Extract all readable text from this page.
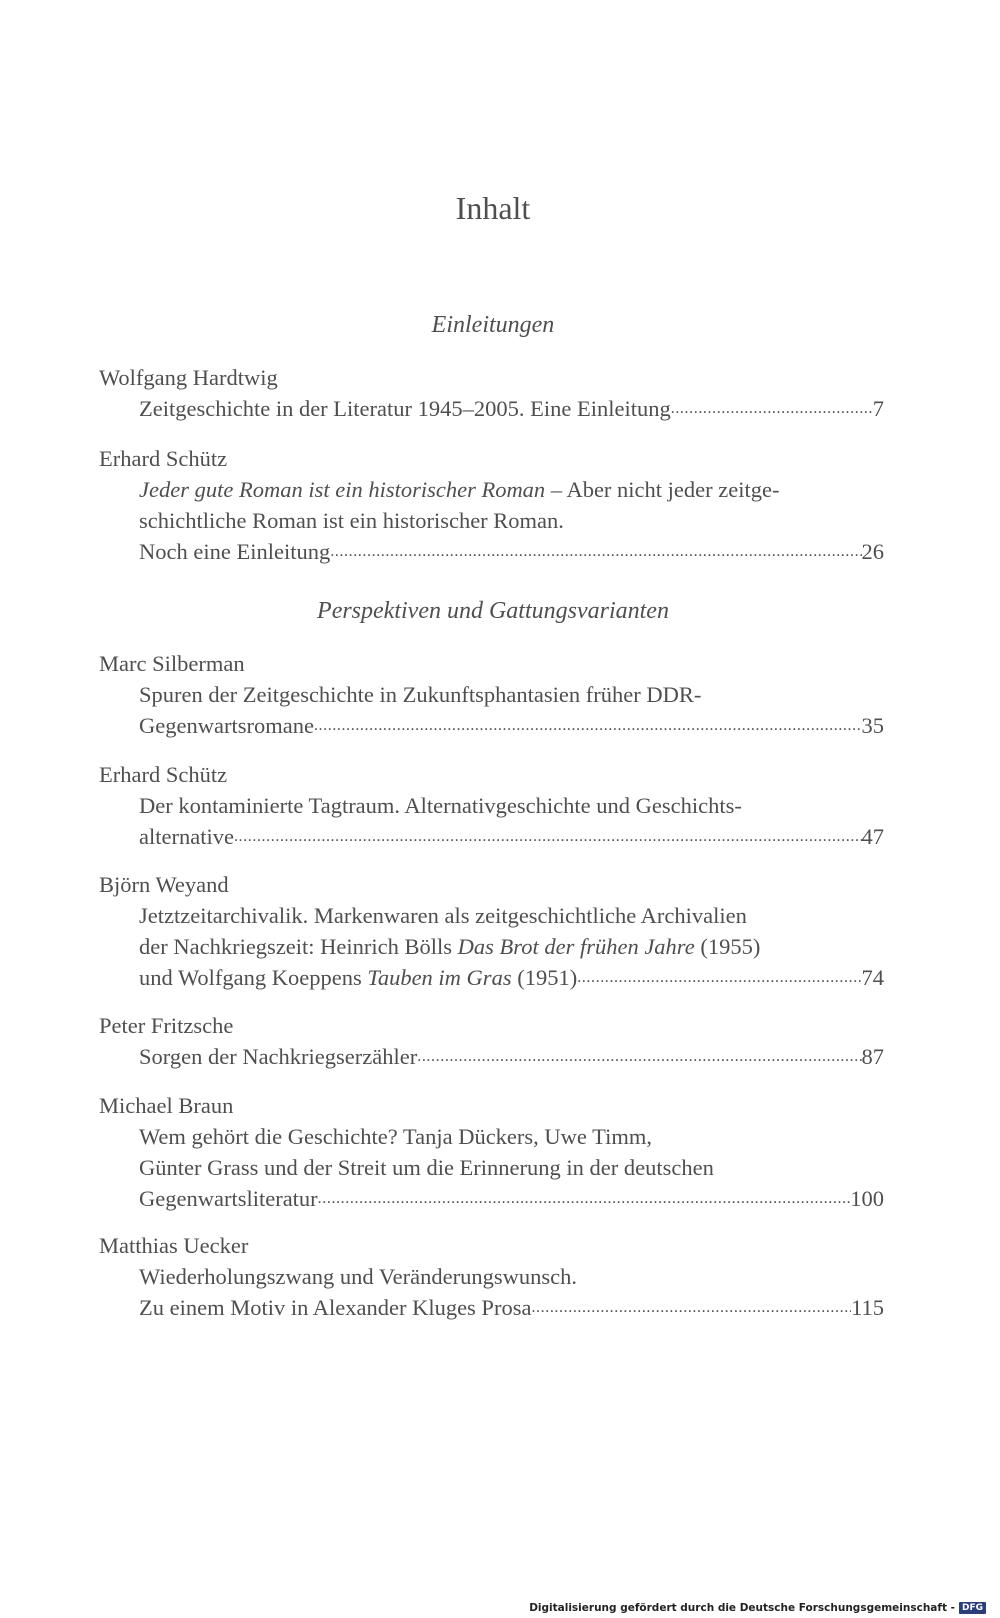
Inhalt
Einleitungen
Wolfgang Hardtwig
Zeitgeschichte in der Literatur 1945–2005. Eine Einleitung .....	7
Erhard Schütz
Jeder gute Roman ist ein historischer Roman – Aber nicht jeder zeitge-
schichtliche Roman ist ein historischer Roman.
Noch eine Einleitung .....	26
Perspektiven und Gattungsvarianten
Marc Silberman
Spuren der Zeitgeschichte in Zukunftsphantasien früher DDR-
Gegenwartsromane .....	35
Erhard Schütz
Der kontaminierte Tagtraum. Alternativgeschichte und Geschichts-
alternative .....	47
Björn Weyand
Jetztzeitarchivalik. Markenwaren als zeitgeschichtliche Archivalien
der Nachkriegszeit: Heinrich Bölls Das Brot der frühen Jahre (1955)
und Wolfgang Koeppens Tauben im Gras (1951) .....	74
Peter Fritzsche
Sorgen der Nachkriegserzähler .....	87
Michael Braun
Wem gehört die Geschichte? Tanja Dückers, Uwe Timm,
Günter Grass und der Streit um die Erinnerung in der deutschen
Gegenwartsliteratur .....	100
Matthias Uecker
Wiederholungszwang und Veränderungswunsch.
Zu einem Motiv in Alexander Kluges Prosa .....	115
Digitalisierung gefördert durch die Deutsche Forschungsgemeinschaft - DFG
